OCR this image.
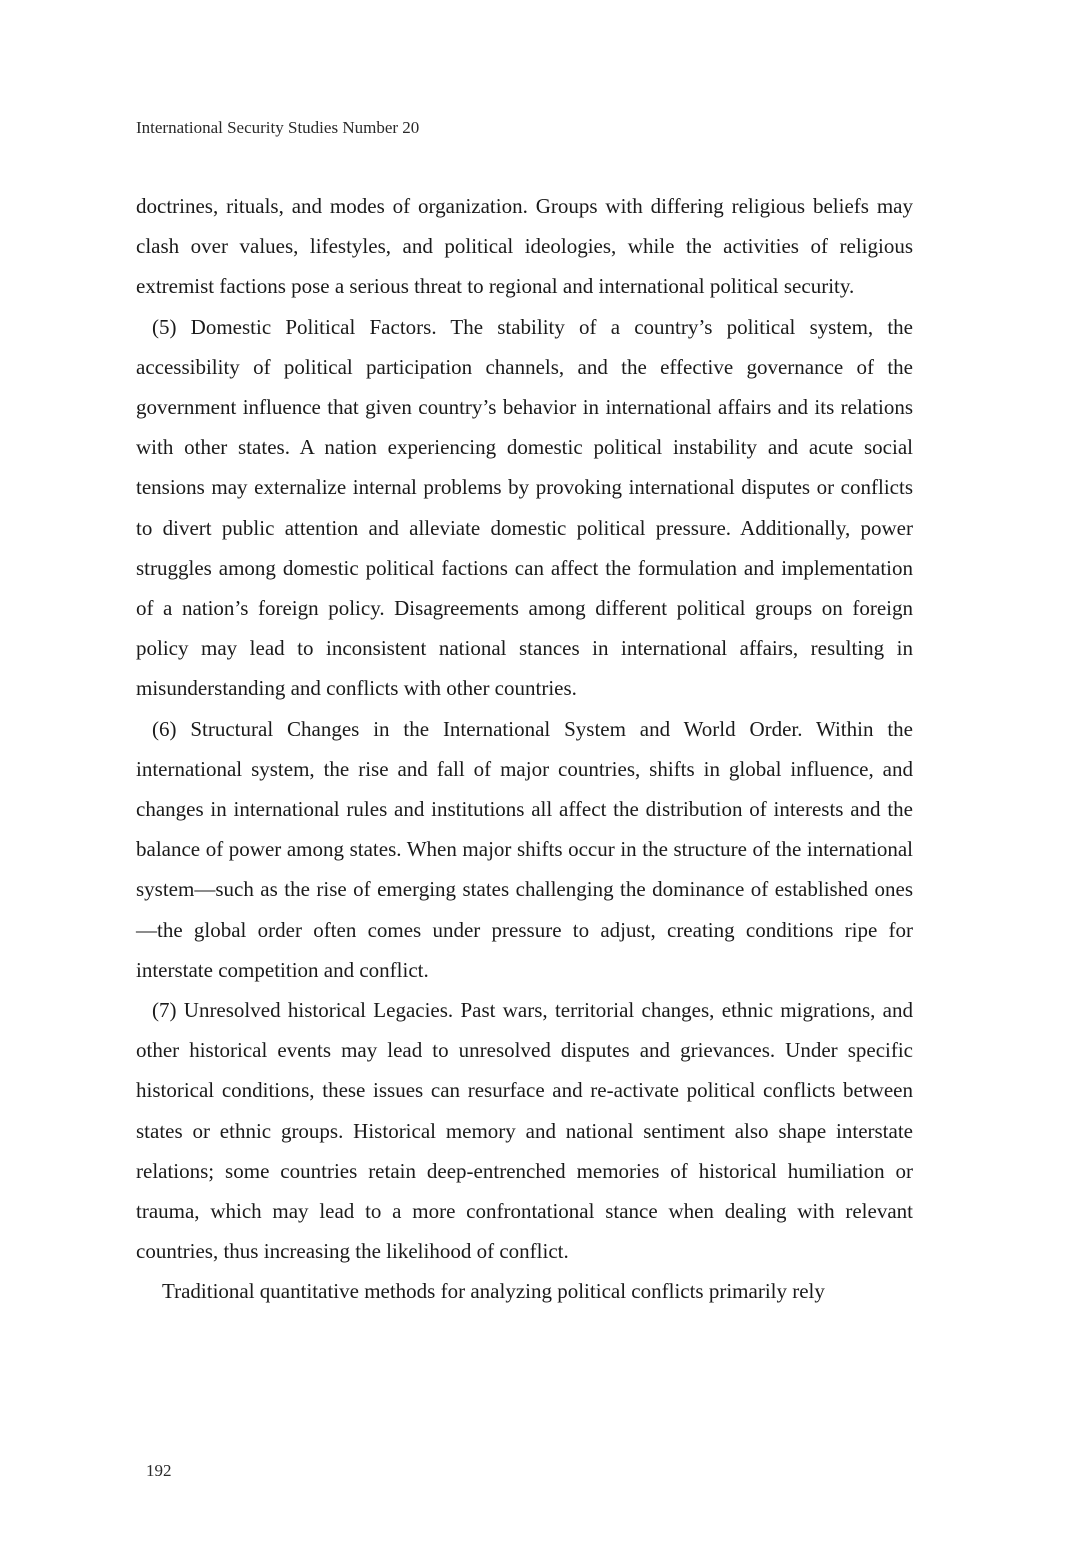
International Security Studies Number 20

doctrines, rituals, and modes of organization. Groups with differing religious beliefs may clash over values, lifestyles, and political ideologies, while the activities of religious extremist factions pose a serious threat to regional and international political security.

(5) Domestic Political Factors. The stability of a country’s political system, the accessibility of political participation channels, and the effective governance of the government influence that given country’s behavior in international affairs and its relations with other states. A nation experiencing domestic political instability and acute social tensions may externalize internal problems by provoking international disputes or conflicts to divert public attention and alleviate domestic political pressure. Additionally, power struggles among domestic political factions can affect the formulation and implementation of a nation’s foreign policy. Disagreements among different political groups on foreign policy may lead to inconsistent national stances in international affairs, resulting in misunderstanding and conflicts with other countries.

(6) Structural Changes in the International System and World Order. Within the international system, the rise and fall of major countries, shifts in global influence, and changes in international rules and institutions all affect the distribution of interests and the balance of power among states. When major shifts occur in the structure of the international system—such as the rise of emerging states challenging the dominance of established ones—the global order often comes under pressure to adjust, creating conditions ripe for interstate competition and conflict.

(7) Unresolved historical Legacies. Past wars, territorial changes, ethnic migrations, and other historical events may lead to unresolved disputes and grievances. Under specific historical conditions, these issues can resurface and re-activate political conflicts between states or ethnic groups. Historical memory and national sentiment also shape interstate relations; some countries retain deep-entrenched memories of historical humiliation or trauma, which may lead to a more confrontational stance when dealing with relevant countries, thus increasing the likelihood of conflict.

Traditional quantitative methods for analyzing political conflicts primarily rely

192
